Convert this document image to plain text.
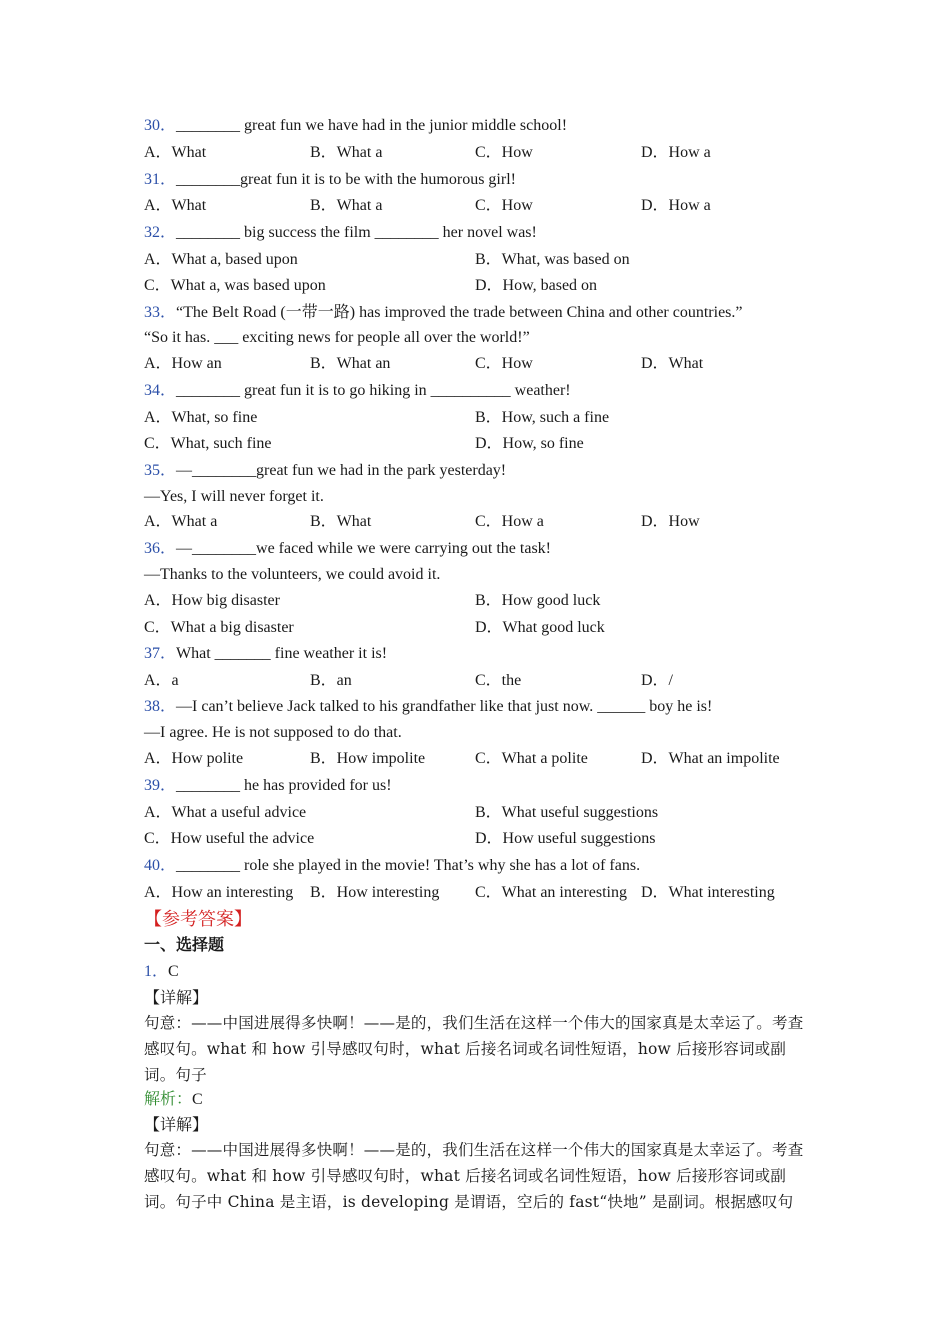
30．________ great fun we have had in the junior middle school!
A．What	B．What a	C．How	D．How a
31．________great fun it is to be with the humorous girl!
A．What	B．What a	C．How	D．How a
32．________ big success the film ________ her novel was!
A．What a, based upon	B．What, was based on
C．What a, was based upon	D．How, based on
33．“The Belt Road (一带一路) has improved the trade between China and other countries.”
“So it has. ___ exciting news for people all over the world!”
A．How an	B．What an	C．How	D．What
34．________ great fun it is to go hiking in __________ weather!
A．What, so fine	B．How, such a fine
C．What, such fine	D．How, so fine
35．—________great fun we had in the park yesterday!
—Yes, I will never forget it.
A．What a	B．What	C．How a	D．How
36．—________we faced while we were carrying out the task!
—Thanks to the volunteers, we could avoid it.
A．How big disaster	B．How good luck
C．What a big disaster	D．What good luck
37．What _______ fine weather it is!
A．a	B．an	C．the	D．/
38．—I can’t believe Jack talked to his grandfather like that just now. ______ boy he is!
—I agree. He is not supposed to do that.
A．How polite	B．How impolite	C．What a polite	D．What an impolite
39．________ he has provided for us!
A．What a useful advice	B．What useful suggestions
C．How useful the advice	D．How useful suggestions
40．________ role she played in the movie! That’s why she has a lot of fans.
A．How an interesting B．How interesting C．What an interesting D．What interesting
【参考答案】
一、选择题
1．C
【详解】
句意：——中国进展得多快啊！——是的，我们生活在这样一个伟大的国家真是太幸运了。考查感叹句。what 和 how 引导感叹句时，what 后接名词或名词性短语，how 后接形容词或副词。句子
解析：C
【详解】
句意：——中国进展得多快啊！——是的，我们生活在这样一个伟大的国家真是太幸运了。考查感叹句。what 和 how 引导感叹句时，what 后接名词或名词性短语，how 后接形容词或副词。句子中 China 是主语，is developing 是谓语，空后的 fast“快地” 是副词。根据感叹句
